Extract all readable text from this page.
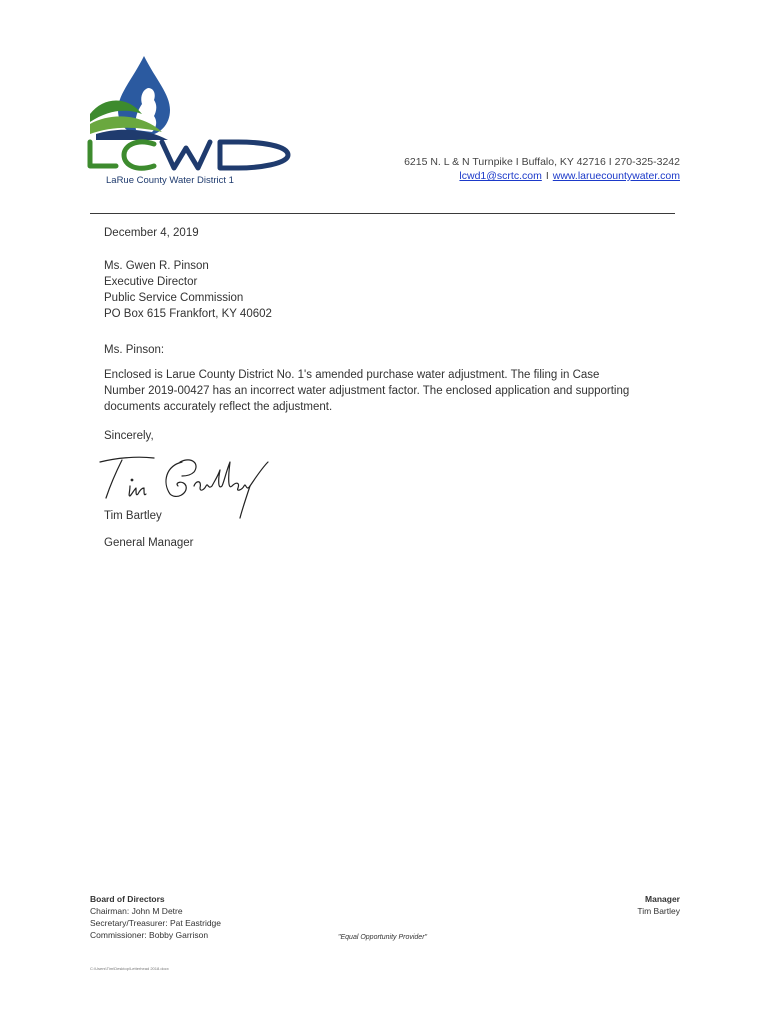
LaRue County Water District 1
6215 N. L & N Turnpike I Buffalo, KY 42716 I 270-325-3242
lcwd1@scrtc.com I www.laruecountywater.com
December 4, 2019
Ms. Gwen R. Pinson
Executive Director
Public Service Commission
PO Box 615 Frankfort, KY 40602
Ms. Pinson:
Enclosed is Larue County District No. 1's amended purchase water adjustment. The filing in Case
Number 2019-00427 has an incorrect water adjustment factor. The enclosed application and supporting
documents accurately reflect the adjustment.
Sincerely,
Tim Bartley
General Manager
Board of Directors
Chairman: John M Detre
Secretary/Treasurer: Pat Eastridge
Commissioner: Bobby Garrison	"Equal Opportunity Provider"
Manager
Tim Bartley
C:\Users\Tim\Desktop\Letterhead 2018.docx
